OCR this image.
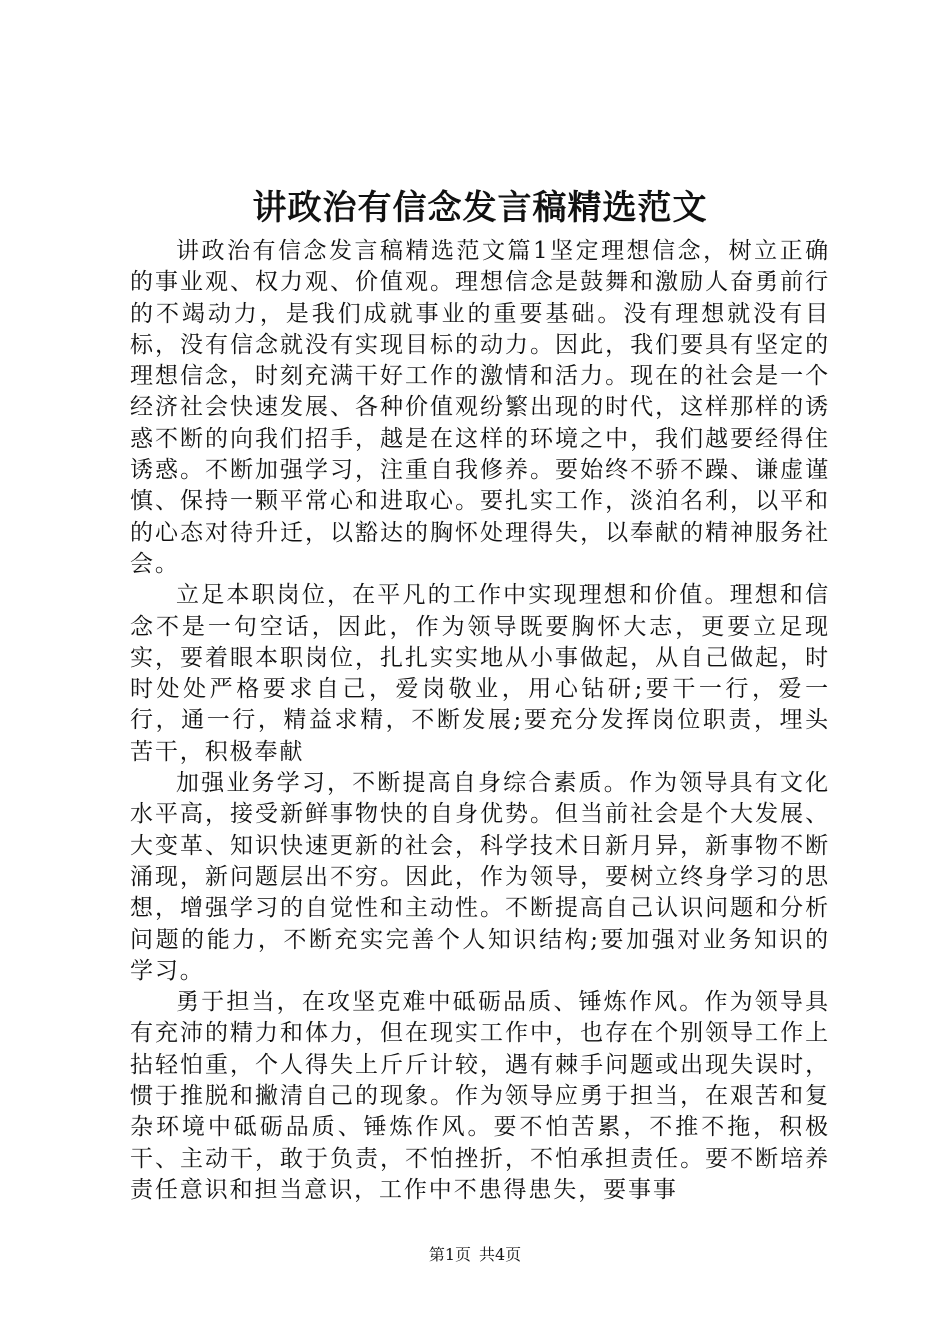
讲政治有信念发言稿精选范文

讲政治有信念发言稿精选范文篇1坚定理想信念，树立正确的事业观、权力观、价值观。理想信念是鼓舞和激励人奋勇前行的不竭动力，是我们成就事业的重要基础。没有理想就没有目标，没有信念就没有实现目标的动力。因此，我们要具有坚定的理想信念，时刻充满干好工作的激情和活力。现在的社会是一个经济社会快速发展、各种价值观纷繁出现的时代，这样那样的诱惑不断的向我们招手，越是在这样的环境之中，我们越要经得住诱惑。不断加强学习，注重自我修养。要始终不骄不躁、谦虚谨慎、保持一颗平常心和进取心。要扎实工作，淡泊名利，以平和的心态对待升迁，以豁达的胸怀处理得失，以奉献的精神服务社会。

立足本职岗位，在平凡的工作中实现理想和价值。理想和信念不是一句空话，因此，作为领导既要胸怀大志，更要立足现实，要着眼本职岗位，扎扎实实地从小事做起，从自己做起，时时处处严格要求自己，爱岗敬业，用心钻研;要干一行，爱一行，通一行，精益求精，不断发展;要充分发挥岗位职责，埋头苦干，积极奉献

加强业务学习，不断提高自身综合素质。作为领导具有文化水平高，接受新鲜事物快的自身优势。但当前社会是个大发展、大变革、知识快速更新的社会，科学技术日新月异，新事物不断涌现，新问题层出不穷。因此，作为领导，要树立终身学习的思想，增强学习的自觉性和主动性。不断提高自己认识问题和分析问题的能力，不断充实完善个人知识结构;要加强对业务知识的学习。

勇于担当，在攻坚克难中砥砺品质、锤炼作风。作为领导具有充沛的精力和体力，但在现实工作中，也存在个别领导工作上拈轻怕重，个人得失上斤斤计较，遇有棘手问题或出现失误时，惯于推脱和撇清自己的现象。作为领导应勇于担当，在艰苦和复杂环境中砥砺品质、锤炼作风。要不怕苦累，不推不拖，积极干、主动干，敢于负责，不怕挫折，不怕承担责任。要不断培养责任意识和担当意识，工作中不患得患失，要事事

第1页 共4页
